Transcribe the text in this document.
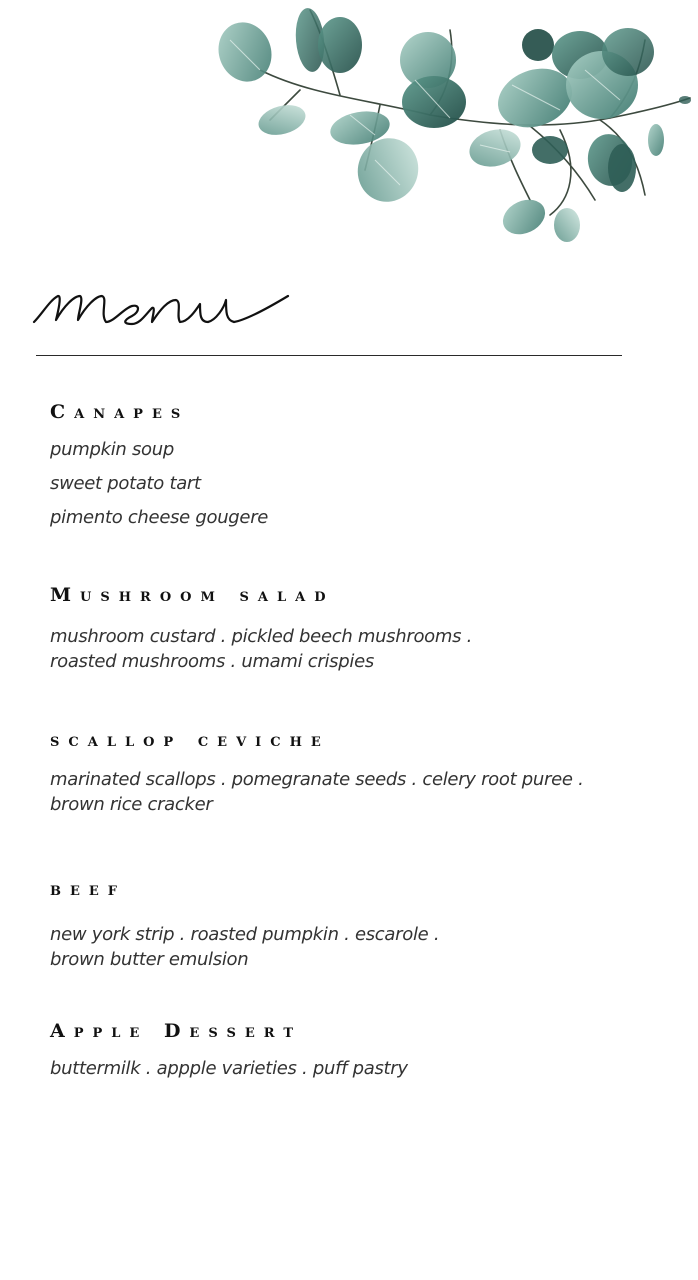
Canapes
pumpkin soup
sweet potato tart
pimento cheese gougere
Mushroom salad
mushroom custard . pickled beech mushrooms .
roasted mushrooms . umami crispies
scallop ceviche
marinated scallops . pomegranate seeds . celery root puree .
brown rice cracker
beef
new york strip . roasted pumpkin . escarole .
brown butter emulsion
Apple Dessert
buttermilk . appple varieties . puff pastry
